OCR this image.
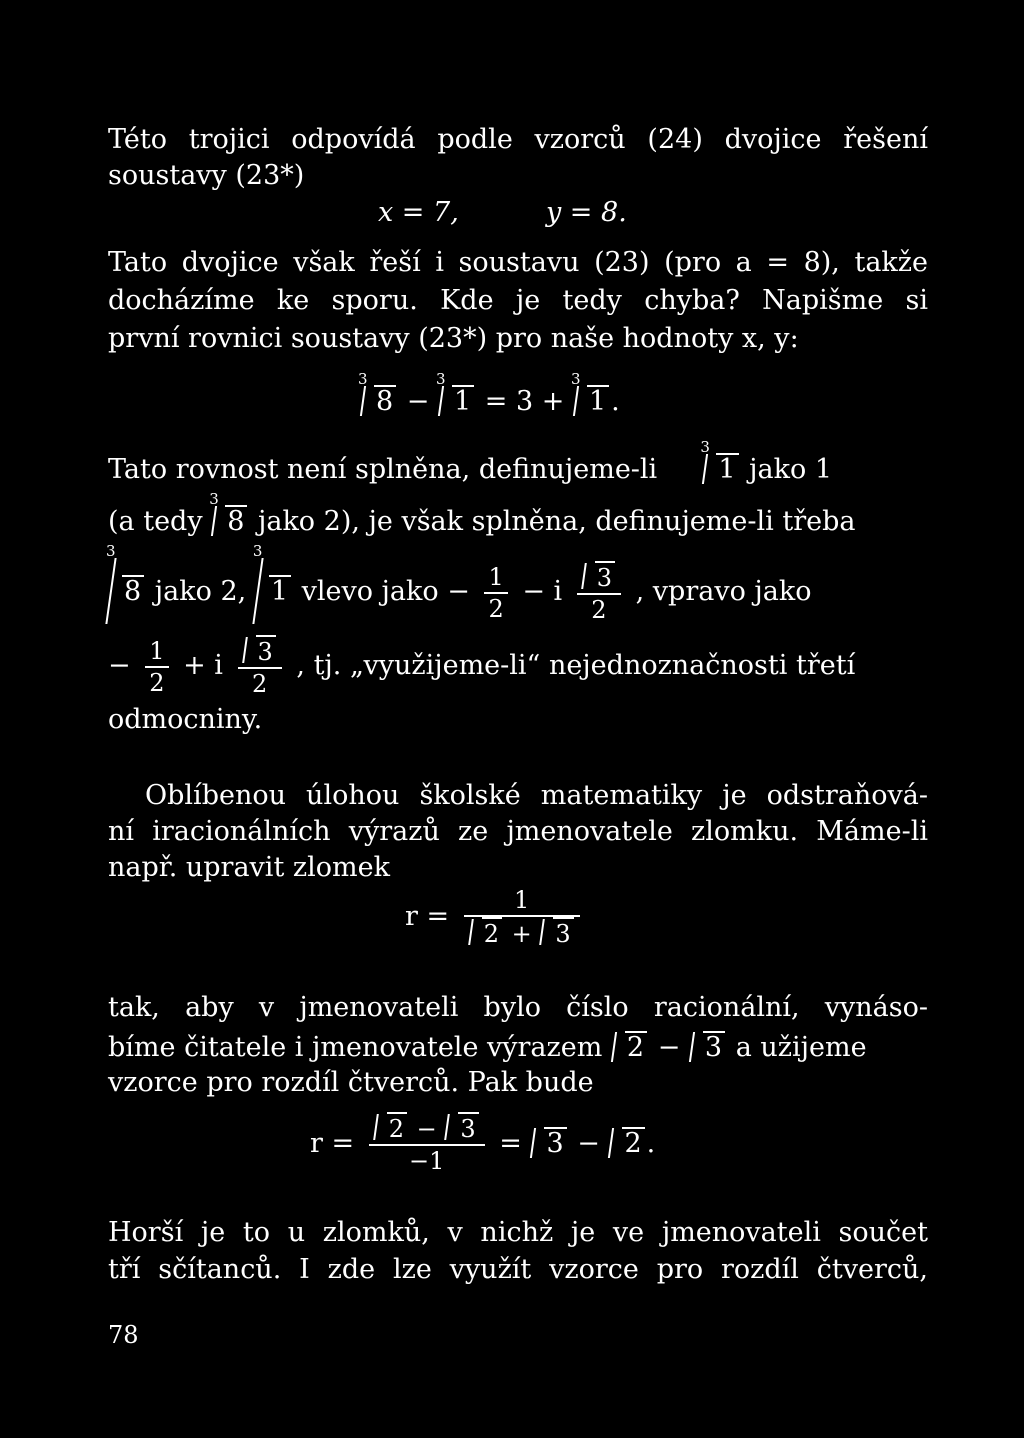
Této trojici odpovídá podle vzorců (24) dvojice řešení
soustavy (23*)
x = 7,	y = 8.
Tato dvojice však řeší i soustavu (23) (pro a = 8), takže
docházíme ke sporu. Kde je tedy chyba? Napišme si
první rovnici soustavy (23*) pro naše hodnoty x, y:
3
8 −
3
1 = 3 +
3
1 .
Tato rovnost není splněna, definujeme-li
3
1 jako 1
(a tedy
3
8 jako 2), je však splněna, definujeme-li třeba
3
8 jako 2,
3
1 vlevo jako − $\frac{1}{2} - i \frac{3}{2}$ , vpravo jako
− $\frac{1}{2} + i \frac{3}{2}$ , tj. „využijeme-li“ nejednoznačnosti třetí
odmocniny.
Oblíbenou úlohou školské matematiky je odstraňová-
ní iracionálních výrazů ze jmenovatele zlomku. Máme-li
např. upravit zlomek
$r = \frac{1}{2 + 3}$
tak, aby v jmenovateli bylo číslo racionální, vynáso-
bíme čitatele i jmenovatele výrazem 2 − 3 a užijeme
vzorce pro rozdíl čtverců. Pak bude
$r = \frac{2 - 3}{-1} = 3 - 2$ .
Horší je to u zlomků, v nichž je ve jmenovateli součet
tří sčítanců. I zde lze využít vzorce pro rozdíl čtverců,
78
